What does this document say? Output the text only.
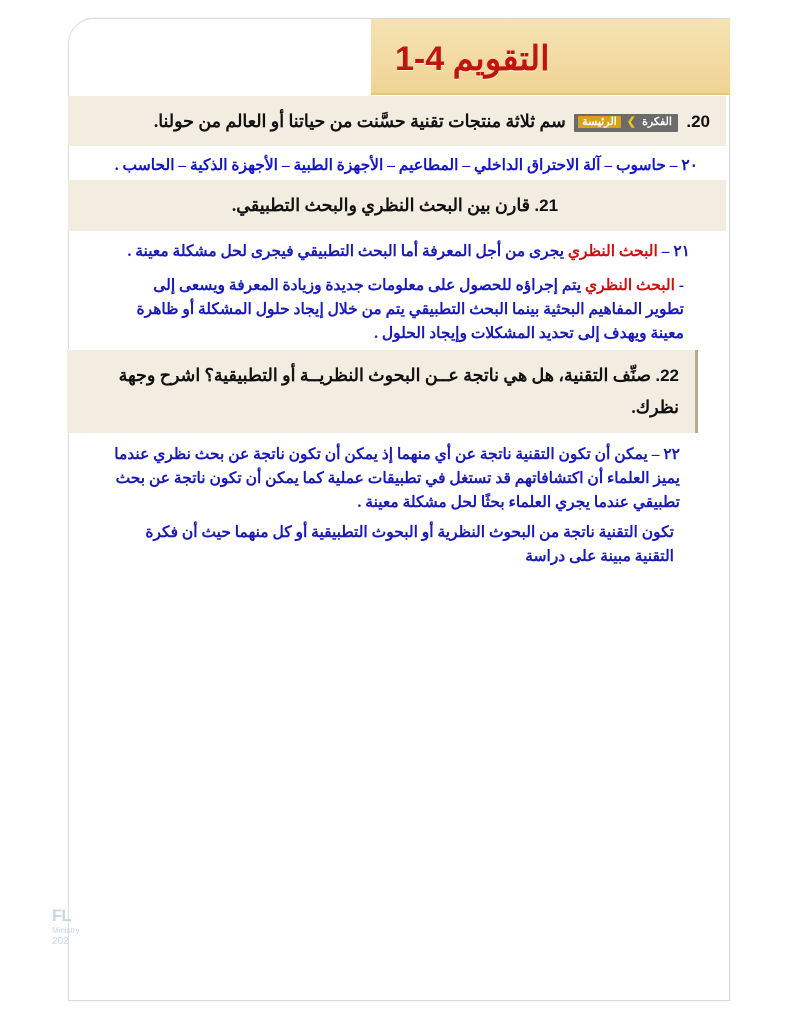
1-4 التقويم
20. الفكرة ❯ الرئيسة سم ثلاثة منتجات تقنية حسَّنت من حياتنا أو العالم من حولنا.
٢٠ – حاسوب – آلة الاحتراق الداخلي – المطاعيم – الأجهزة الطبية – الأجهزة الذكية – الحاسب .
21. قارن بين البحث النظري والبحث التطبيقي.
٢١ – البحث النظري يجرى من أجل المعرفة أما البحث التطبيقي فيجرى لحل مشكلة معينة .
- البحث النظري يتم إجراؤه للحصول على معلومات جديدة وزيادة المعرفة ويسعى إلى تطوير المفاهيم البحثية بينما البحث التطبيقي يتم من خلال إيجاد حلول المشكلة أو ظاهرة معينة ويهدف إلى تحديد المشكلات وإيجاد الحلول .
22. صنِّف التقنية، هل هي ناتجة عــن البحوث النظريــة أو التطبيقية؟ اشرح وجهة نظرك.
٢٢ – يمكن أن تكون التقنية ناتجة عن أي منهما إذ يمكن أن تكون ناتجة عن بحث نظري عندما يميز العلماء أن اكتشافاتهم قد تستغل في تطبيقات عملية كما يمكن أن تكون ناتجة عن بحث تطبيقي عندما يجري العلماء بحثًا لحل مشكلة معينة .
تكون التقنية ناتجة من البحوث النظرية أو البحوث التطبيقية أو كل منهما حيث أن فكرة التقنية مبينة على دراسة
FL
Ministry
202
